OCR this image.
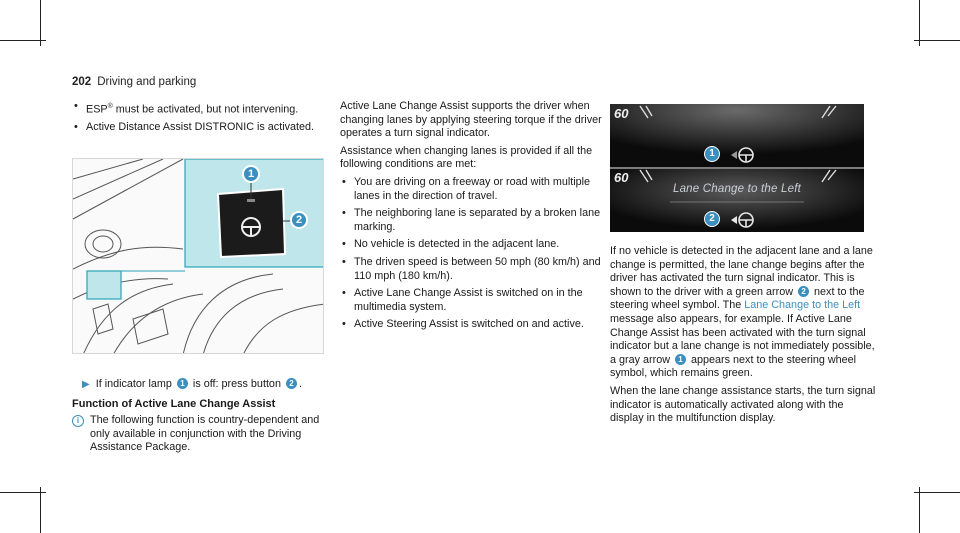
202 Driving and parking
• ESP® must be activated, but not intervening.
• Active Distance Assist DISTRONIC is activated.
1
2
▶ If indicator lamp 1 is off: press button 2 .
Function of Active Lane Change Assist
i	The following function is country-dependent and only available in conjunction with the Driving Assistance Package.

Active Lane Change Assist supports the driver when changing lanes by applying steering torque if the driver operates a turn signal indicator.

Assistance when changing lanes is provided if all the following conditions are met:

• You are driving on a freeway or road with multiple lanes in the direction of travel.
• The neighboring lane is separated by a broken lane marking.
• No vehicle is detected in the adjacent lane.
• The driven speed is between 50 mph (80 km/h) and 110 mph (180 km/h).
• Active Lane Change Assist is switched on in the multimedia system.
• Active Steering Assist is switched on and active.
60
60
Lane Change to the Left
1
2

If no vehicle is detected in the adjacent lane and a lane change is permitted, the lane change begins after the driver has activated the turn signal indicator. This is shown to the driver with a green arrow 2 next to the steering wheel symbol. The Lane Change to the Left message also appears, for example. If Active Lane Change Assist has been activated with the turn signal indicator but a lane change is not immediately possible, a gray arrow 1 appears next to the steering wheel symbol, which remains green.

When the lane change assistance starts, the turn signal indicator is automatically activated along with the display in the multifunction display.
